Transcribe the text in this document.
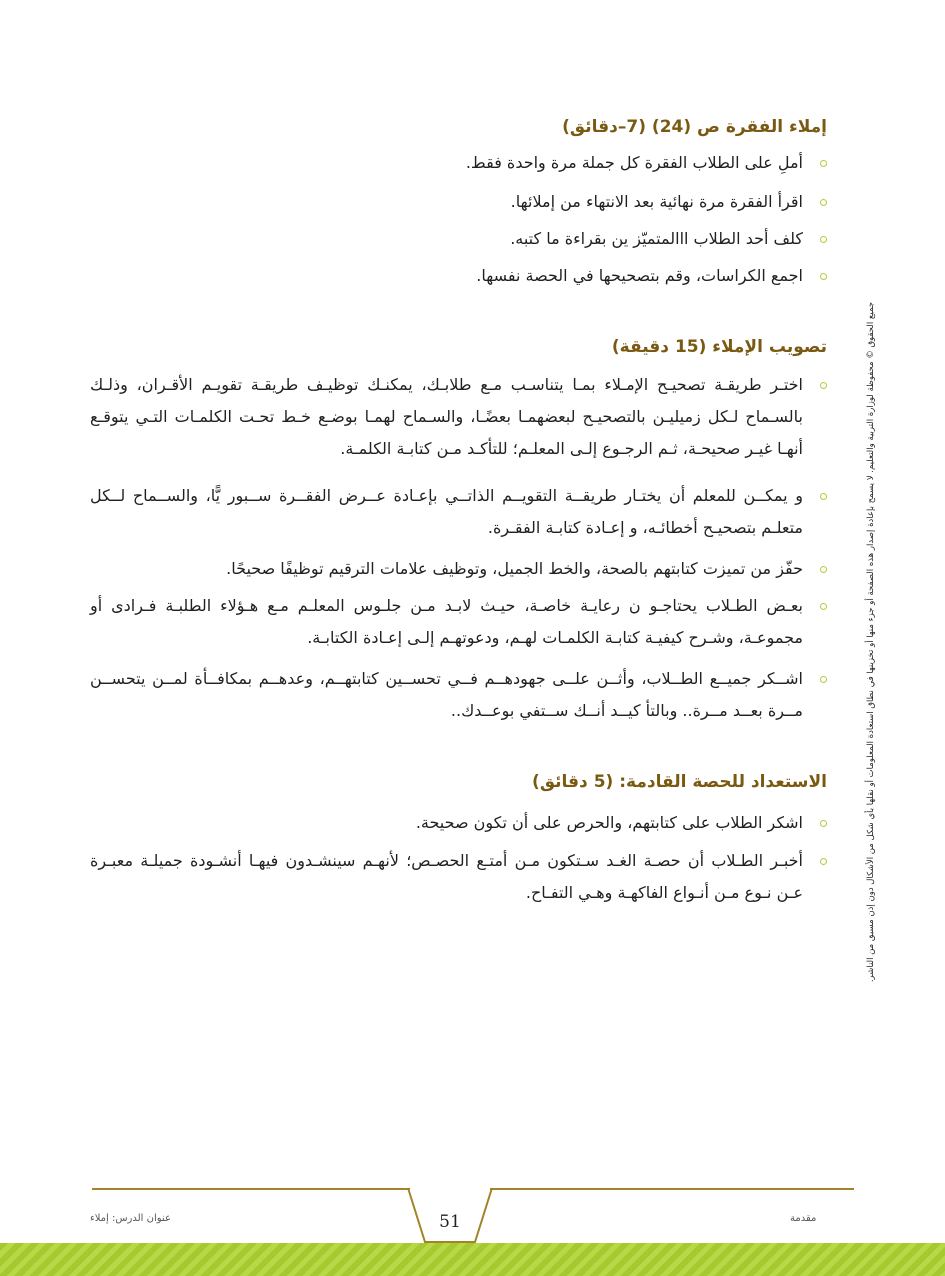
إملاء الفقرة ص (24) (7–دقائق)
أملِ على الطلاب الفقرة كل جملة مرة واحدة فقط.
اقرأ الفقرة مرة نهائية بعد الانتهاء من إملائها.
كلف أحد الطلاب اﺍالمتميّز ين بقراءة ما كتبه.
اجمع الكراسات، وقم بتصحيحها في الحصة نفسها.
تصويب الإملاء (15 دقيقة)
اختـر طريقـة تصحيـح الإمـلاء بمـا يتناسـب مـع طلابـك، يمكنـك توظيـف طريقـة تقويـم الأقـران، وذلـك بالسـماح لـكل زميليـن بالتصحيـح لبعضهمـا بعضًـا، والسـماح لهمـا بوضـع خـط تحـت الكلمـات التـي يتوقـع أنهـا غيـر صحيحـة، ثـم الرجـوع إلـى المعلـم؛ للتأكـد مـن كتابـة الكلمـة.
و يمكــن للمعلم أن يختـار طريقــة التقويــم الذاتــي بإعـادة عــرض الفقــرة ســبور يًّا، والســماح لــكل متعلـم بتصحيـح أخطائـه، و إعـادة كتابـة الفقـرة.
حفّز من تميزت كتابتهم بالصحة، والخط الجميل، وتوظيف علامات الترقيم توظيفًا صحيحًا.
بعـض الطـلاب يحتاجـو ن رعايـة خاصـة، حيـث لابـد مـن جلـوس المعلـم مـع هـؤلاء الطلبـة فـرادى أو مجموعـة، وشـرح كيفيـة كتابـة الكلمـات لهـم، ودعوتهـم إلـى إعـادة الكتابـة.
اشــكر جميــع الطــلاب، وأثــن علــى جهودهــم فــي تحســين كتابتهــم، وعدهــم بمكافــأة لمــن يتحســن مــرة بعــد مــرة.. وبالتأ كيــد أنــك ســتفي بوعــدك..
الاستعداد للحصة القادمة: (5 دقائق)
اشكر الطلاب على كتابتهم، والحرص على أن تكون صحيحة.
أخبـر الطـلاب أن حصـة الغـد سـتكون مـن أمتـع الحصـص؛ لأنهـم سينشـدون فيهـا أنشـودة جميلـة معبـرة عـن نـوع مـن أنـواع الفاكهـة وهـي التفـاح.	جميع الحقوق © محفوظة لوزارة التربية والتعليم. لا يسمح بإعادة إصدار هذه الصفحة أو جزء منها أو تخزينها في نطاق استعادة المعلومات أو نقلها بأي شكل من الأشكال دون إذن مسبق من الناشر.
51
عنوان الدرس: إملاء	مقدمة
